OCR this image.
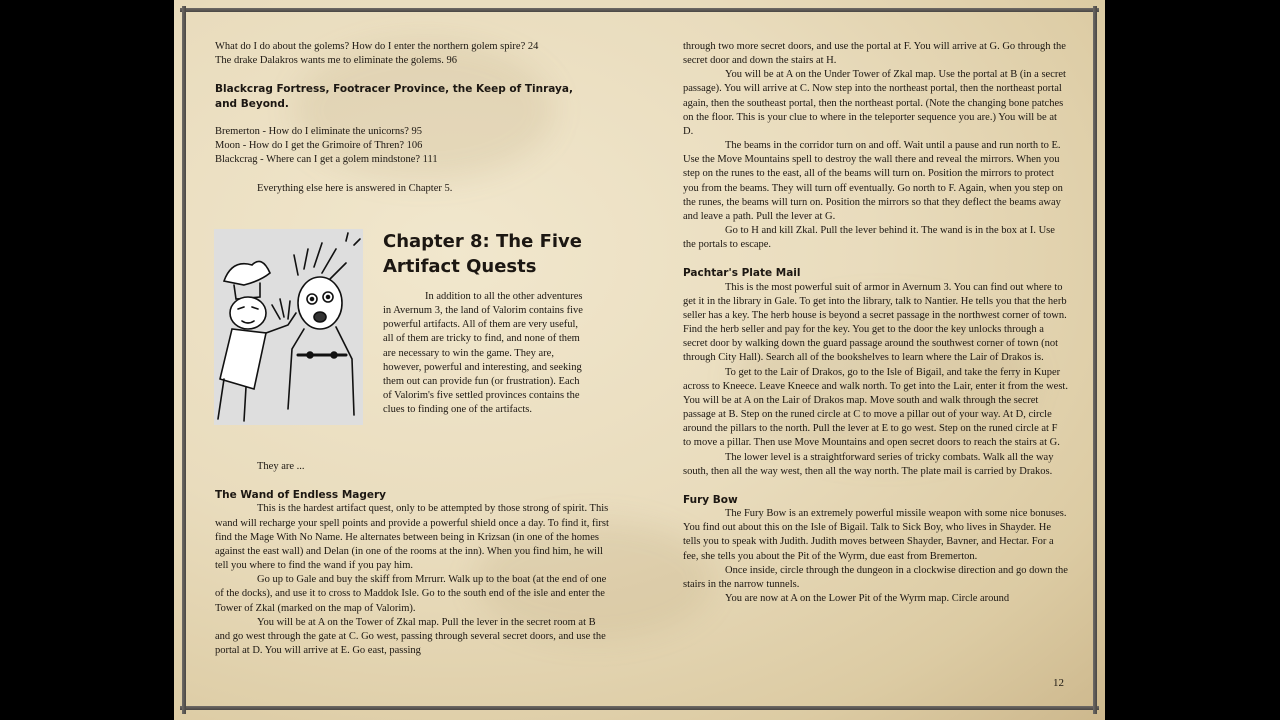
What do I do about the golems? How do I enter the northern golem spire? 24

The drake Dalakros wants me to eliminate the golems. 96

Blackcrag Fortress, Footracer Province, the Keep of Tinraya, and Beyond.

Bremerton - How do I eliminate the unicorns? 95

Moon - How do I get the Grimoire of Thren? 106

Blackcrag - Where can I get a golem mindstone? 111

Everything else here is answered in Chapter 5.

Chapter 8: The Five Artifact Quests

In addition to all the other adventures in Avernum 3, the land of Valorim contains five powerful artifacts. All of them are very useful, all of them are tricky to find, and none of them are necessary to win the game. They are, however, powerful and interesting, and seeking them out can provide fun (or frustration). Each of Valorim's five settled provinces contains the clues to finding one of the artifacts.

They are ...

The Wand of Endless Magery

This is the hardest artifact quest, only to be attempted by those strong of spirit. This wand will recharge your spell points and provide a powerful shield once a day. To find it, first find the Mage With No Name. He alternates between being in Krizsan (in one of the homes against the east wall) and Delan (in one of the rooms at the inn). When you find him, he will tell you where to find the wand if you pay him.

Go up to Gale and buy the skiff from Mrrurr. Walk up to the boat (at the end of one of the docks), and use it to cross to Maddok Isle. Go to the south end of the isle and enter the Tower of Zkal (marked on the map of Valorim).

You will be at A on the Tower of Zkal map. Pull the lever in the secret room at B and go west through the gate at C. Go west, passing through several secret doors, and use the portal at D. You will arrive at E. Go east, passing

through two more secret doors, and use the portal at F. You will arrive at G. Go through the secret door and down the stairs at H.

You will be at A on the Under Tower of Zkal map. Use the portal at B (in a secret passage). You will arrive at C. Now step into the northeast portal, then the northeast portal again, then the southeast portal, then the northeast portal. (Note the changing bone patches on the floor. This is your clue to where in the teleporter sequence you are.) You will be at D.

The beams in the corridor turn on and off. Wait until a pause and run north to E. Use the Move Mountains spell to destroy the wall there and reveal the mirrors. When you step on the runes to the east, all of the beams will turn on. Position the mirrors to protect you from the beams. They will turn off eventually. Go north to F. Again, when you step on the runes, the beams will turn on. Position the mirrors so that they deflect the beams away and leave a path. Pull the lever at G.

Go to H and kill Zkal. Pull the lever behind it. The wand is in the box at I. Use the portals to escape.

Pachtar's Plate Mail

This is the most powerful suit of armor in Avernum 3. You can find out where to get it in the library in Gale. To get into the library, talk to Nantier. He tells you that the herb seller has a key. The herb house is beyond a secret passage in the northwest corner of town. Find the herb seller and pay for the key. You get to the door the key unlocks through a secret door by walking down the guard passage around the southwest corner of town (not through City Hall). Search all of the bookshelves to learn where the Lair of Drakos is.

To get to the Lair of Drakos, go to the Isle of Bigail, and take the ferry in Kuper across to Kneece. Leave Kneece and walk north. To get into the Lair, enter it from the west. You will be at A on the Lair of Drakos map. Move south and walk through the secret passage at B. Step on the runed circle at C to move a pillar out of your way. At D, circle around the pillars to the north. Pull the lever at E to go west. Step on the runed circle at F to move a pillar. Then use Move Mountains and open secret doors to reach the stairs at G.

The lower level is a straightforward series of tricky combats. Walk all the way south, then all the way west, then all the way north. The plate mail is carried by Drakos.

Fury Bow

The Fury Bow is an extremely powerful missile weapon with some nice bonuses. You find out about this on the Isle of Bigail. Talk to Sick Boy, who lives in Shayder. He tells you to speak with Judith. Judith moves between Shayder, Bavner, and Hectar. For a fee, she tells you about the Pit of the Wyrm, due east from Bremerton.

Once inside, circle through the dungeon in a clockwise direction and go down the stairs in the narrow tunnels.

You are now at A on the Lower Pit of the Wyrm map. Circle around

12
